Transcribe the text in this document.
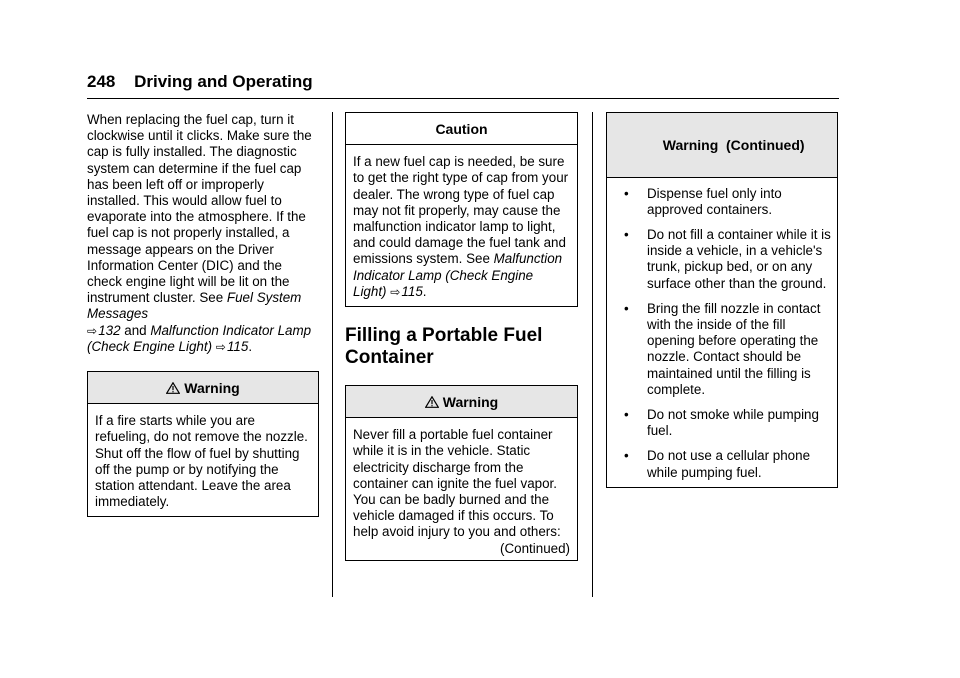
248 Driving and Operating

When replacing the fuel cap, turn it clockwise until it clicks. Make sure the cap is fully installed. The diagnostic system can determine if the fuel cap has been left off or improperly installed. This would allow fuel to evaporate into the atmosphere. If the fuel cap is not properly installed, a message appears on the Driver Information Center (DIC) and the check engine light will be lit on the instrument cluster. See Fuel System Messages
⇨ 132 and Malfunction Indicator Lamp (Check Engine Light) ⇨ 115.

Warning

If a fire starts while you are refueling, do not remove the nozzle. Shut off the flow of fuel by shutting off the pump or by notifying the station attendant. Leave the area immediately.

Caution

If a new fuel cap is needed, be sure to get the right type of cap from your dealer. The wrong type of fuel cap may not fit properly, may cause the malfunction indicator lamp to light, and could damage the fuel tank and emissions system. See Malfunction Indicator Lamp (Check Engine Light) ⇨ 115.

Filling a Portable Fuel Container

Warning

Never fill a portable fuel container while it is in the vehicle. Static electricity discharge from the container can ignite the fuel vapor. You can be badly burned and the vehicle damaged if this occurs. To help avoid injury to you and others:

(Continued)

Warning  (Continued)

• Dispense fuel only into approved containers.
• Do not fill a container while it is inside a vehicle, in a vehicle's trunk, pickup bed, or on any surface other than the ground.
• Bring the fill nozzle in contact with the inside of the fill opening before operating the nozzle. Contact should be maintained until the filling is complete.
• Do not smoke while pumping fuel.
• Do not use a cellular phone while pumping fuel.
